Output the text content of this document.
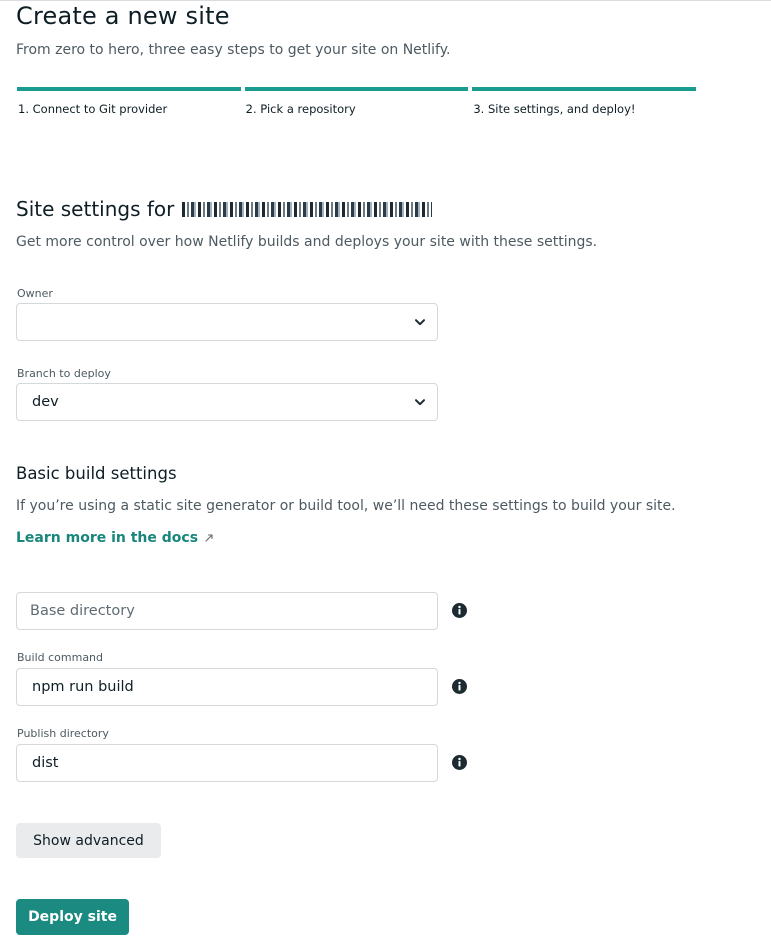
Create a new site

From zero to hero, three easy steps to get your site on Netlify.

1. Connect to Git provider	2. Pick a repository	3. Site settings, and deploy!
Site settings for

Get more control over how Netlify builds and deploys your site with these settings.

Owner
Branch to deploy
dev
Basic build settings

If you’re using a static site generator or build tool, we’ll need these settings to build your site.

Learn more in the docs
Base directory
Build command
npm run build
Publish directory
dist
Show advanced
Deploy site
